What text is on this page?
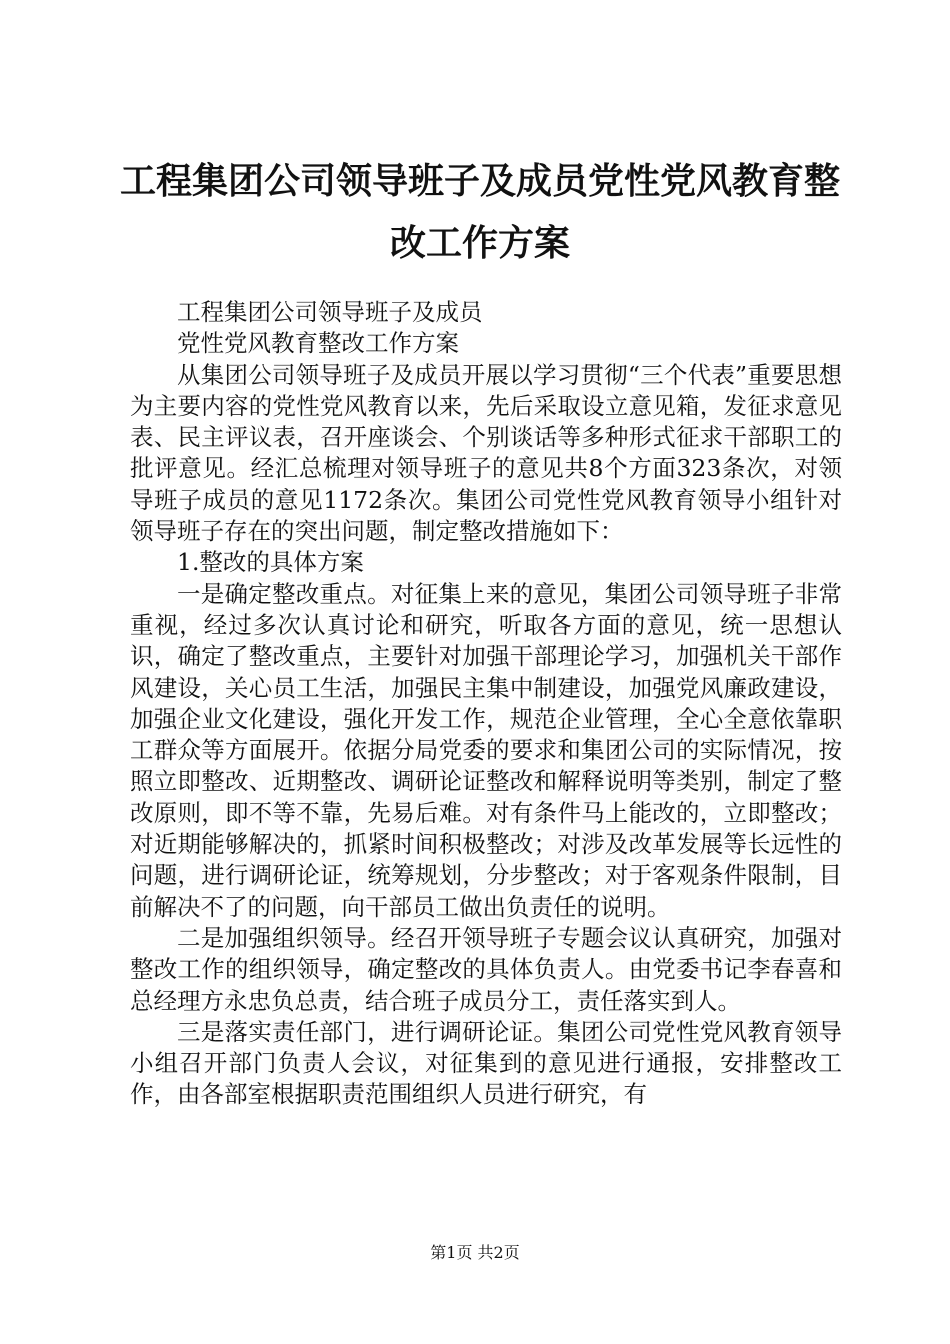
工程集团公司领导班子及成员党性党风教育整改工作方案

工程集团公司领导班子及成员

党性党风教育整改工作方案

从集团公司领导班子及成员开展以学习贯彻“三个代表”重要思想为主要内容的党性党风教育以来，先后采取设立意见箱，发征求意见表、民主评议表，召开座谈会、个别谈话等多种形式征求干部职工的批评意见。经汇总梳理对领导班子的意见共8个方面323条次，对领导班子成员的意见1172条次。集团公司党性党风教育领导小组针对领导班子存在的突出问题，制定整改措施如下：

1.整改的具体方案

一是确定整改重点。对征集上来的意见，集团公司领导班子非常重视，经过多次认真讨论和研究，听取各方面的意见，统一思想认识，确定了整改重点，主要针对加强干部理论学习，加强机关干部作风建设，关心员工生活，加强民主集中制建设，加强党风廉政建设，加强企业文化建设，强化开发工作，规范企业管理，全心全意依靠职工群众等方面展开。依据分局党委的要求和集团公司的实际情况，按照立即整改、近期整改、调研论证整改和解释说明等类别，制定了整改原则，即不等不靠，先易后难。对有条件马上能改的，立即整改；对近期能够解决的，抓紧时间积极整改；对涉及改革发展等长远性的问题，进行调研论证，统筹规划，分步整改；对于客观条件限制，目前解决不了的问题，向干部员工做出负责任的说明。

二是加强组织领导。经召开领导班子专题会议认真研究，加强对整改工作的组织领导，确定整改的具体负责人。由党委书记李春喜和总经理方永忠负总责，结合班子成员分工，责任落实到人。

三是落实责任部门，进行调研论证。集团公司党性党风教育领导小组召开部门负责人会议，对征集到的意见进行通报，安排整改工作，由各部室根据职责范围组织人员进行研究，有

第1页 共2页
